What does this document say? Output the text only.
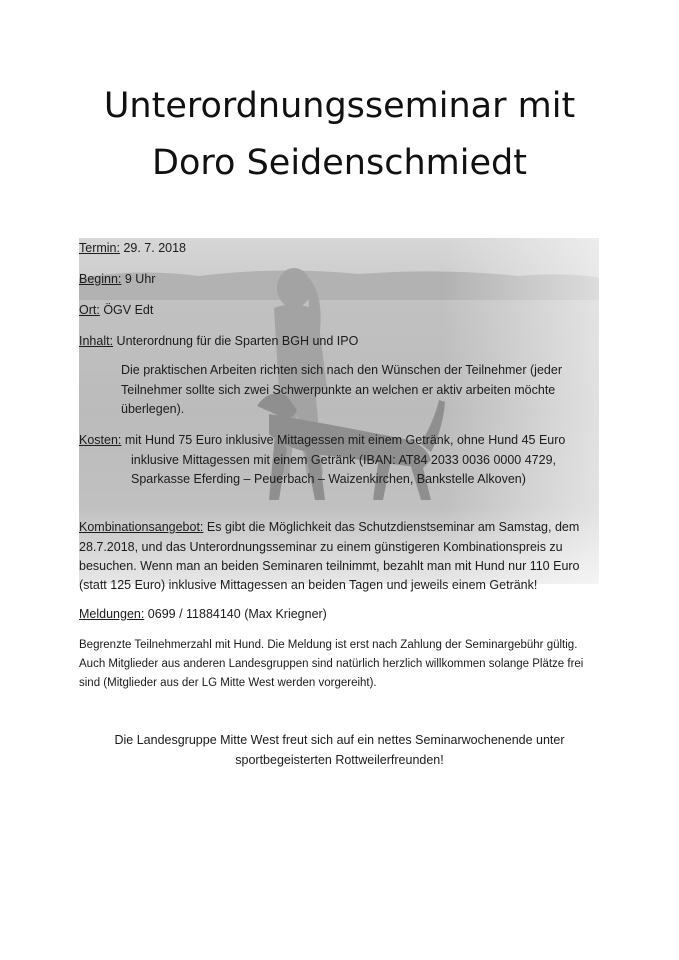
Unterordnungsseminar mit
Doro Seidenschmiedt
Termin: 29. 7. 2018
Beginn: 9 Uhr
Ort: ÖGV Edt
Inhalt: Unterordnung für die Sparten BGH und IPO
Die praktischen Arbeiten richten sich nach den Wünschen der Teilnehmer (jeder
Teilnehmer sollte sich zwei Schwerpunkte an welchen er aktiv arbeiten möchte
überlegen).
Kosten: mit Hund 75 Euro inklusive Mittagessen mit einem Getränk, ohne Hund 45 Euro
inklusive Mittagessen mit einem Getränk (IBAN: AT84 2033 0036 0000 4729,
Sparkasse Eferding – Peuerbach – Waizenkirchen, Bankstelle Alkoven)
Kombinationsangebot: Es gibt die Möglichkeit das Schutzdienstseminar am Samstag, dem
28.7.2018, und das Unterordnungsseminar zu einem günstigeren Kombinationspreis zu
besuchen. Wenn man an beiden Seminaren teilnimmt, bezahlt man mit Hund nur 110 Euro
(statt 125 Euro) inklusive Mittagessen an beiden Tagen und jeweils einem Getränk!
Meldungen: 0699 / 11884140 (Max Kriegner)
Begrenzte Teilnehmerzahl mit Hund. Die Meldung ist erst nach Zahlung der Seminargebühr gültig.
Auch Mitglieder aus anderen Landesgruppen sind natürlich herzlich willkommen solange Plätze frei
sind (Mitglieder aus der LG Mitte West werden vorgereiht).
Die Landesgruppe Mitte West freut sich auf ein nettes Seminarwochenende unter
sportbegeisterten Rottweilerfreunden!
